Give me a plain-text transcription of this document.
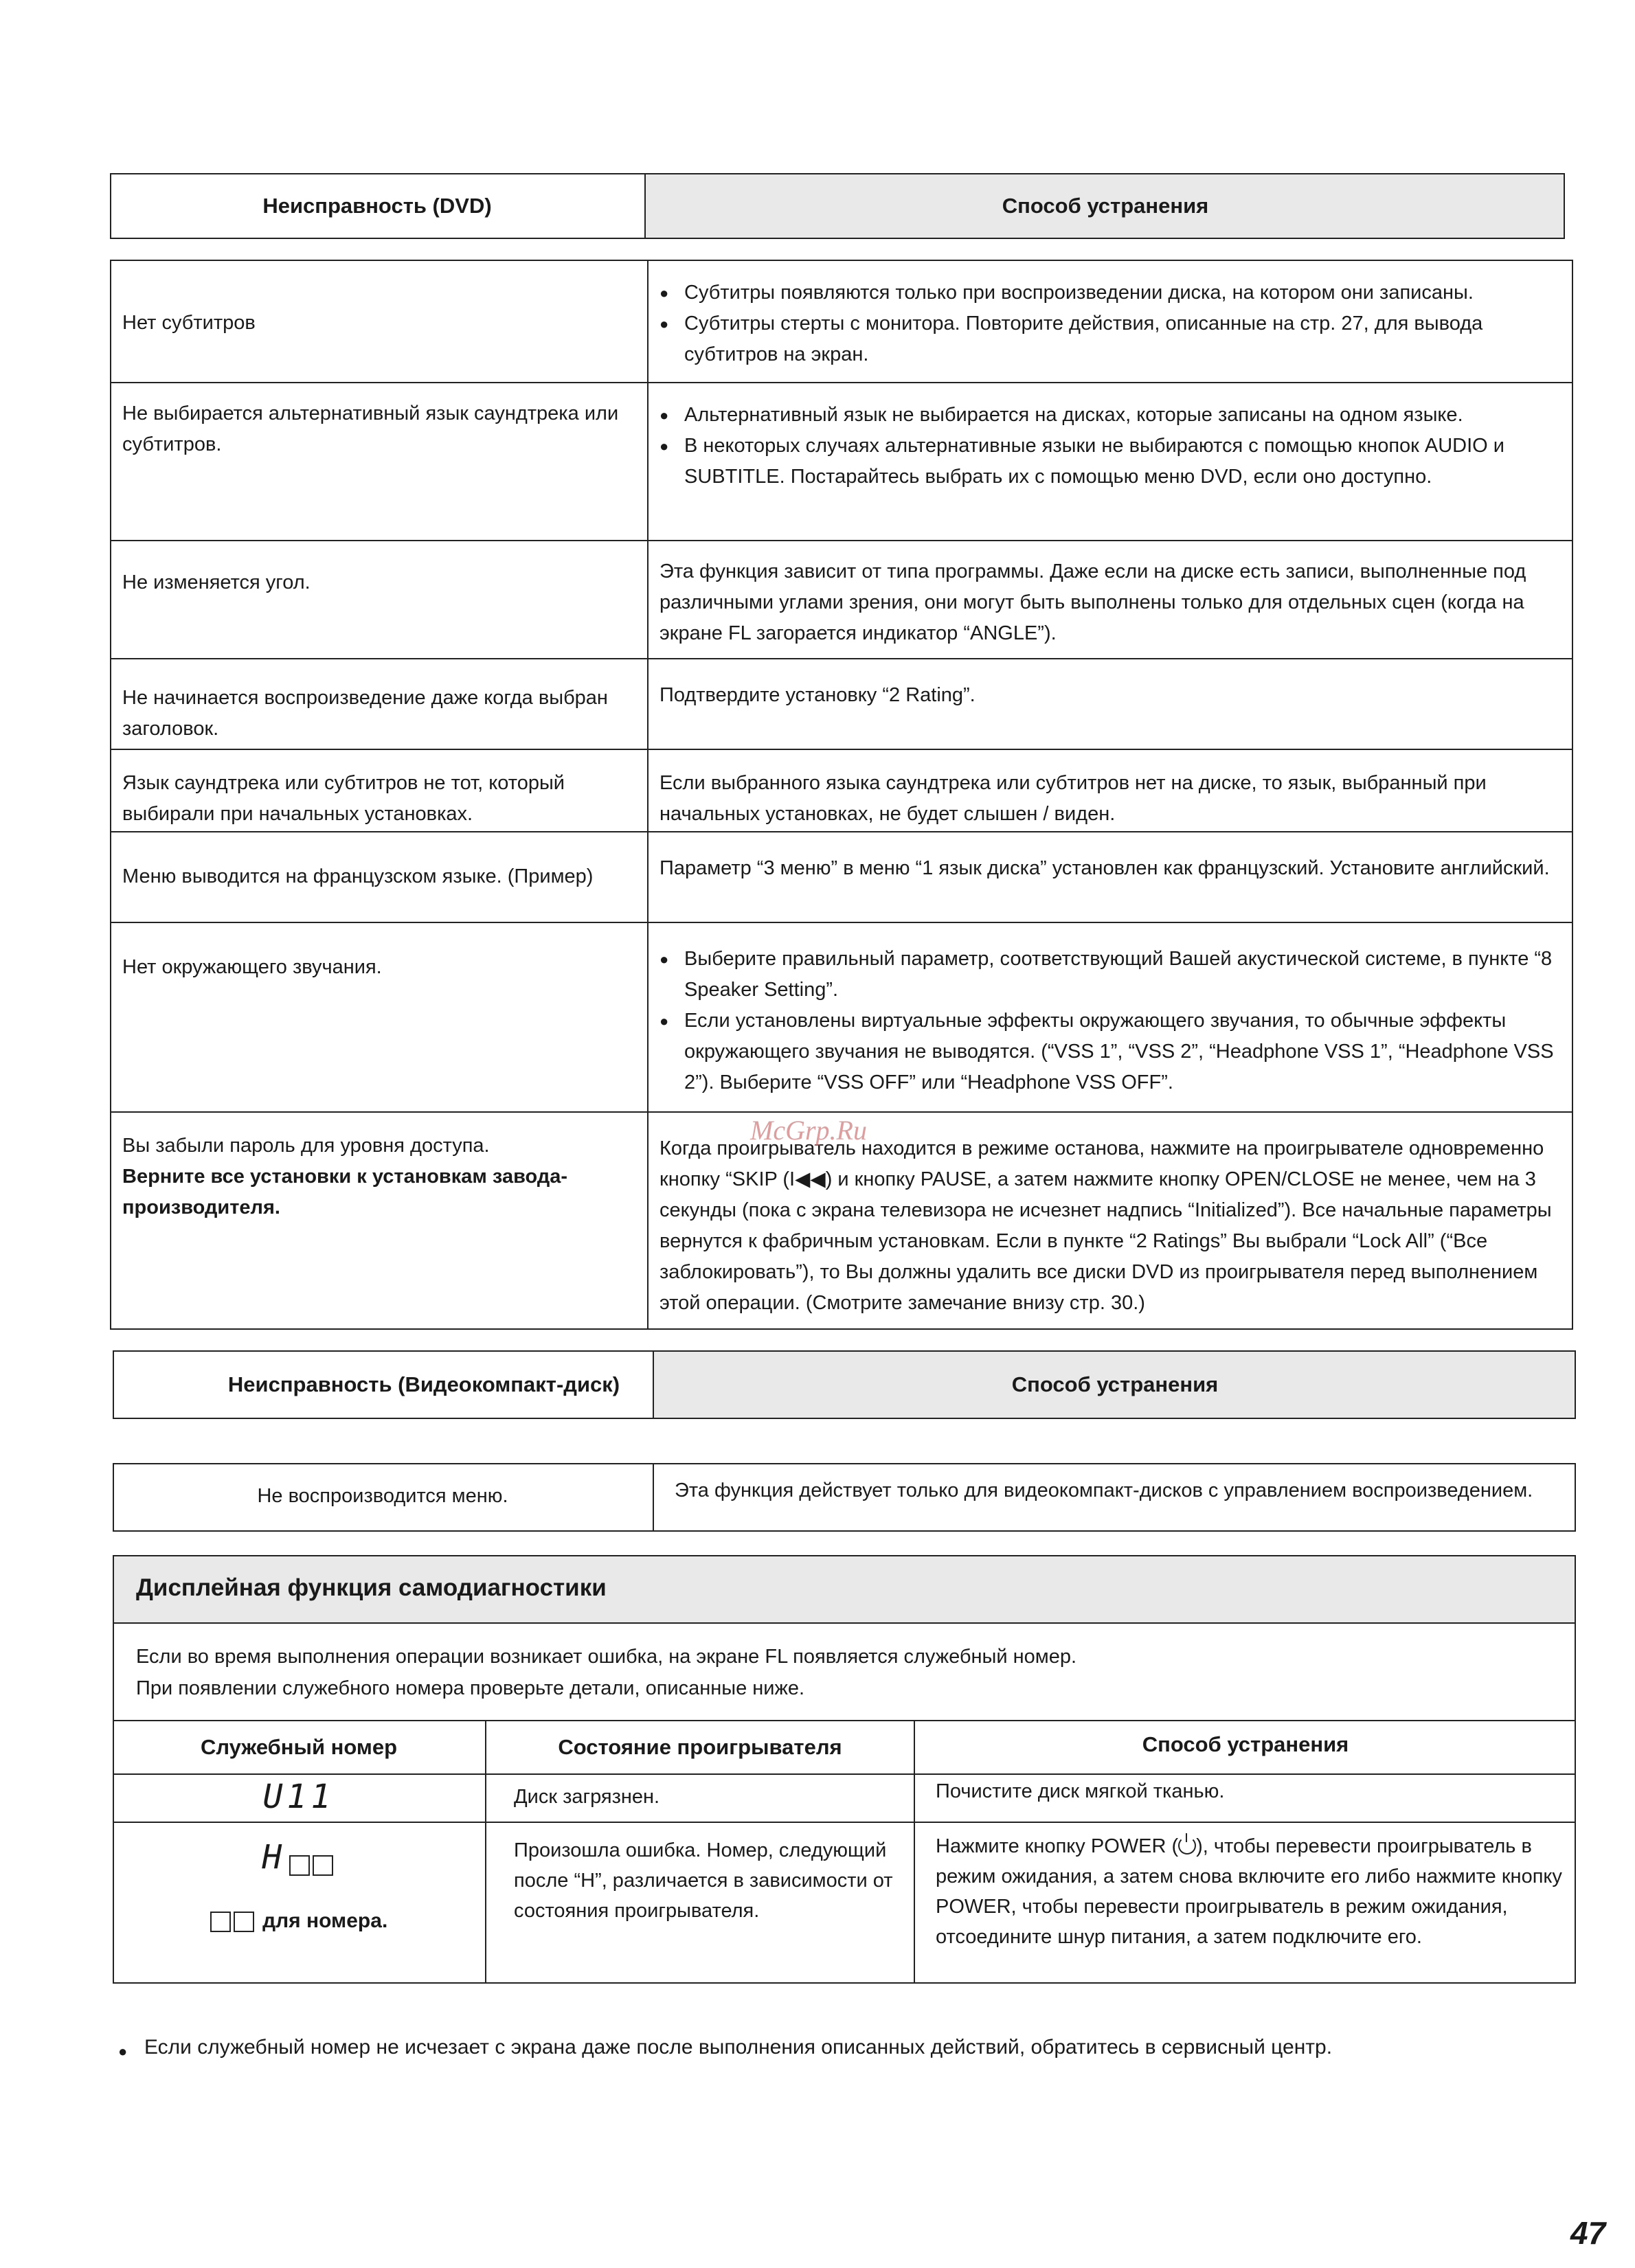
Неисправность (DVD)	Способ устранения

Нет субтитров

● Субтитры появляются только при воспроизведении диска, на котором они записаны.

● Субтитры стерты с монитора. Повторите действия, описанные на стр. 27, для вывода субтитров на экран.

Не выбирается альтернативный язык саундтрека или субтитров.

● Альтернативный язык не выбирается на дисках, которые записаны на одном языке.

● В некоторых случаях альтернативные языки не выбираются с помощью кнопок AUDIO и SUBTITLE. Постарайтесь выбрать их с помощью меню DVD, если оно доступно.

Не изменяется угол.	Эта функция зависит от типа программы. Даже если на диске есть записи, выполненные под различными углами зрения, они могут быть выполнены только для отдельных сцен (когда на экране FL загорается индикатор “ANGLE”).

Не начинается воспроизведение даже когда выбран заголовок.

Подтвердите установку “2 Rating”.

Язык саундтрека или субтитров не тот, который выбирали при начальных установках.

Если выбранного языка саундтрека или субтитров нет на диске, то язык, выбранный при начальных установках, не будет слышен / виден.

Меню выводится на французском языке. (Пример)	Параметр “3 меню” в меню “1 язык диска” установлен как французский. Установите английский.

Нет окружающего звучания.

●	Выберите правильный параметр, соответствующий Вашей акустической системе, в пункте “8 Speaker Setting”.

● Если установлены виртуальные эффекты окружающего звучания, то обычные эффекты окружающего звучания не выводятся. (“VSS 1”, “VSS 2”, “Headphone VSS 1”, “Headphone VSS 2”). Выберите “VSS OFF” или “Headphone VSS OFF”.

Вы забыли пароль для уровня доступа.

Верните все установки к установкам завода-производителя.

Когда проигрыватель находится в режиме останова, нажмите на проигрывателе одновременно кнопку “SKIP (I◀◀) и кнопку PAUSE, а затем нажмите кнопку OPEN/CLOSE не менее, чем на 3 секунды (пока с экрана телевизора не исчезнет надпись “Initialized”). Все начальные параметры вернутся к фабричным установкам. Если в пункте “2 Ratings” Вы выбрали “Lock All” (“Все заблокировать”), то Вы должны удалить все диски DVD из проигрывателя перед выполнением этой операции. (Смотрите замечание внизу стр. 30.)

Неисправность (Видеокомпакт-диск)	Способ устранения
Не воспроизводится меню.	Эта функция действует только для видеокомпакт-дисков с управлением воспроизведением.
Дисплейная функция самодиагностики
Если во время выполнения операции возникает ошибка, на экране FL появляется служебный номер.
При появлении служебного номера проверьте детали, описанные ниже.
Служебный номер	Состояние проигрывателя	Способ устранения
U11	Диск загрязнен.	Почистите диск мягкой тканью.
H
для номера.
Произошла ошибка. Номер, следующий после “H”, различается в зависимости от состояния проигрывателя.
Нажмите кнопку POWER ( ), чтобы перевести проигрыватель в режим ожидания, а затем снова включите его либо нажмите кнопку POWER, чтобы перевести проигрыватель в режим ожидания, отсоедините шнур питания, а затем подключите его.
● Если служебный номер не исчезает с экрана даже после выполнения описанных действий, обратитесь в сервисный центр.
McGrp.Ru
47
